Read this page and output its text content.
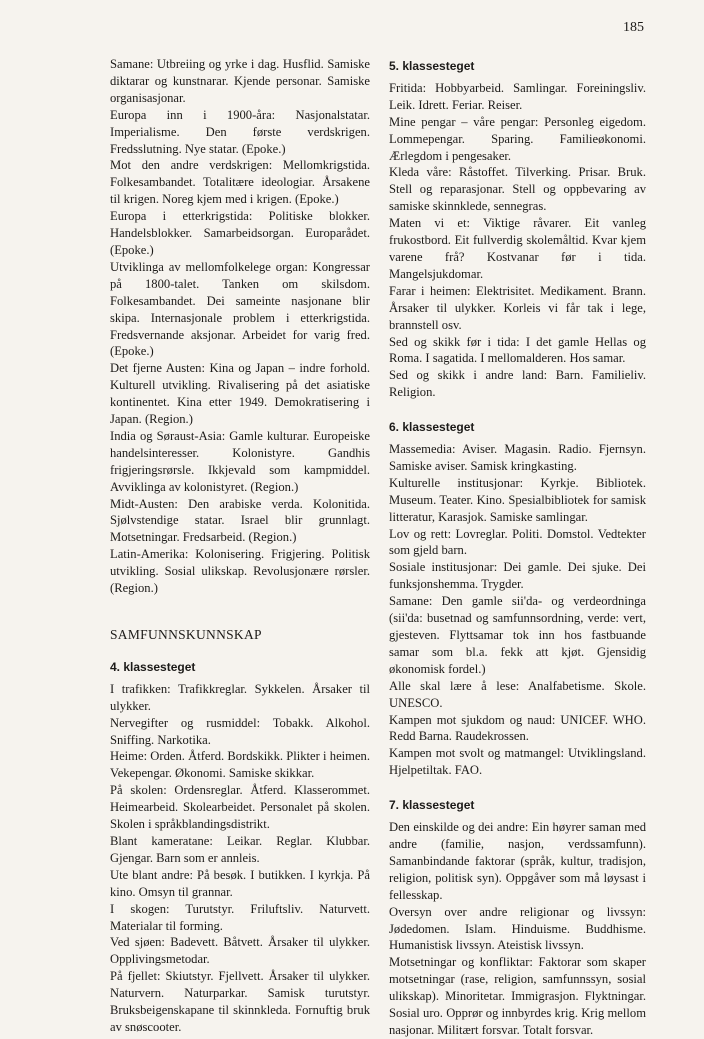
185

Samane: Utbreiing og yrke i dag. Husflid. Samiske diktarar og kunstnarar. Kjende personar. Samiske organisasjonar.

Europa inn i 1900-åra: Nasjonalstatar. Imperialisme. Den første verdskrigen. Fredsslutning. Nye statar. (Epoke.)

Mot den andre verdskrigen: Mellomkrigstida. Folkesambandet. Totalitære ideologiar. Årsakene til krigen. Noreg kjem med i krigen. (Epoke.)

Europa i etterkrigstida: Politiske blokker. Handelsblokker. Samarbeidsorgan. Europarådet. (Epoke.)

Utviklinga av mellomfolkelege organ: Kongressar på 1800-talet. Tanken om skilsdom. Folkesambandet. Dei sameinte nasjonane blir skipa. Internasjonale problem i etterkrigstida. Fredsvernande aksjonar. Arbeidet for varig fred. (Epoke.)

Det fjerne Austen: Kina og Japan – indre forhold. Kulturell utvikling. Rivalisering på det asiatiske kontinentet. Kina etter 1949. Demokratisering i Japan. (Region.)

India og Søraust-Asia: Gamle kulturar. Europeiske handelsinteresser. Kolonistyre. Gandhis frigjeringsrørsle. Ikkjevald som kampmiddel. Avviklinga av kolonistyret. (Region.)

Midt-Austen: Den arabiske verda. Kolonitida. Sjølvstendige statar. Israel blir grunnlagt. Motsetningar. Fredsarbeid. (Region.)

Latin-Amerika: Kolonisering. Frigjering. Politisk utvikling. Sosial ulikskap. Revolusjonære rørsler. (Region.)

SAMFUNNSKUNNSKAP
4. klassesteget

I trafikken: Trafikkreglar. Sykkelen. Årsaker til ulykker.

Nervegifter og rusmiddel: Tobakk. Alkohol. Sniffing. Narkotika.

Heime: Orden. Åtferd. Bordskikk. Plikter i heimen. Vekepengar. Økonomi. Samiske skikkar.

På skolen: Ordensreglar. Åtferd. Klasserommet. Heimearbeid. Skolearbeidet. Personalet på skolen. Skolen i språkblandingsdistrikt.

Blant kameratane: Leikar. Reglar. Klubbar. Gjengar. Barn som er annleis.

Ute blant andre: På besøk. I butikken. I kyrkja. På kino. Omsyn til grannar.

I skogen: Turutstyr. Friluftsliv. Naturvett. Materialar til forming.

Ved sjøen: Badevett. Båtvett. Årsaker til ulykker. Opplivingsmetodar.

På fjellet: Skiutstyr. Fjellvett. Årsaker til ulykker. Naturvern. Naturparkar. Samisk turutstyr. Bruksbeigenskapane til skinnkleda. Fornuftig bruk av snøscooter.

5. klassesteget

Fritida: Hobbyarbeid. Samlingar. Foreiningsliv. Leik. Idrett. Feriar. Reiser.

Mine pengar – våre pengar: Personleg eigedom. Lommepengar. Sparing. Familieøkonomi. Ærlegdom i pengesaker.

Kleda våre: Råstoffet. Tilverking. Prisar. Bruk. Stell og reparasjonar. Stell og oppbevaring av samiske skinnklede, sennegras.

Maten vi et: Viktige råvarer. Eit vanleg frukostbord. Eit fullverdig skolemåltid. Kvar kjem varene frå? Kostvanar før i tida. Mangelsjukdomar.

Farar i heimen: Elektrisitet. Medikament. Brann. Årsaker til ulykker. Korleis vi får tak i lege, brannstell osv.

Sed og skikk før i tida: I det gamle Hellas og Roma. I sagatida. I mellomalderen. Hos samar.

Sed og skikk i andre land: Barn. Familieliv. Religion.

6. klassesteget

Massemedia: Aviser. Magasin. Radio. Fjernsyn. Samiske aviser. Samisk kringkasting.

Kulturelle institusjonar: Kyrkje. Bibliotek. Museum. Teater. Kino. Spesialbibliotek for samisk litteratur, Karasjok. Samiske samlingar.

Lov og rett: Lovreglar. Politi. Domstol. Vedtekter som gjeld barn.

Sosiale institusjonar: Dei gamle. Dei sjuke. Dei funksjonshemma. Trygder.

Samane: Den gamle sii'da- og verdeordninga (sii'da: busetnad og samfunnsordning, verde: vert, gjesteven. Flyttsamar tok inn hos fastbuande samar som bl.a. fekk att kjøt. Gjensidig økonomisk fordel.)

Alle skal lære å lese: Analfabetisme. Skole. UNESCO.

Kampen mot sjukdom og naud: UNICEF. WHO. Redd Barna. Raudekrossen.

Kampen mot svolt og matmangel: Utviklingsland. Hjelpetiltak. FAO.

7. klassesteget

Den einskilde og dei andre: Ein høyrer saman med andre (familie, nasjon, verdssamfunn). Samanbindande faktorar (språk, kultur, tradisjon, religion, politisk syn). Oppgåver som må løysast i fellesskap.

Oversyn over andre religionar og livssyn: Jødedomen. Islam. Hinduisme. Buddhisme. Humanistisk livssyn. Ateistisk livssyn.

Motsetningar og konfliktar: Faktorar som skaper motsetningar (rase, religion, samfunnssyn, sosial ulikskap). Minoritetar. Immigrasjon. Flyktningar. Sosial uro. Opprør og innbyrdes krig. Krig mellom nasjonar. Militært forsvar. Totalt forsvar.
